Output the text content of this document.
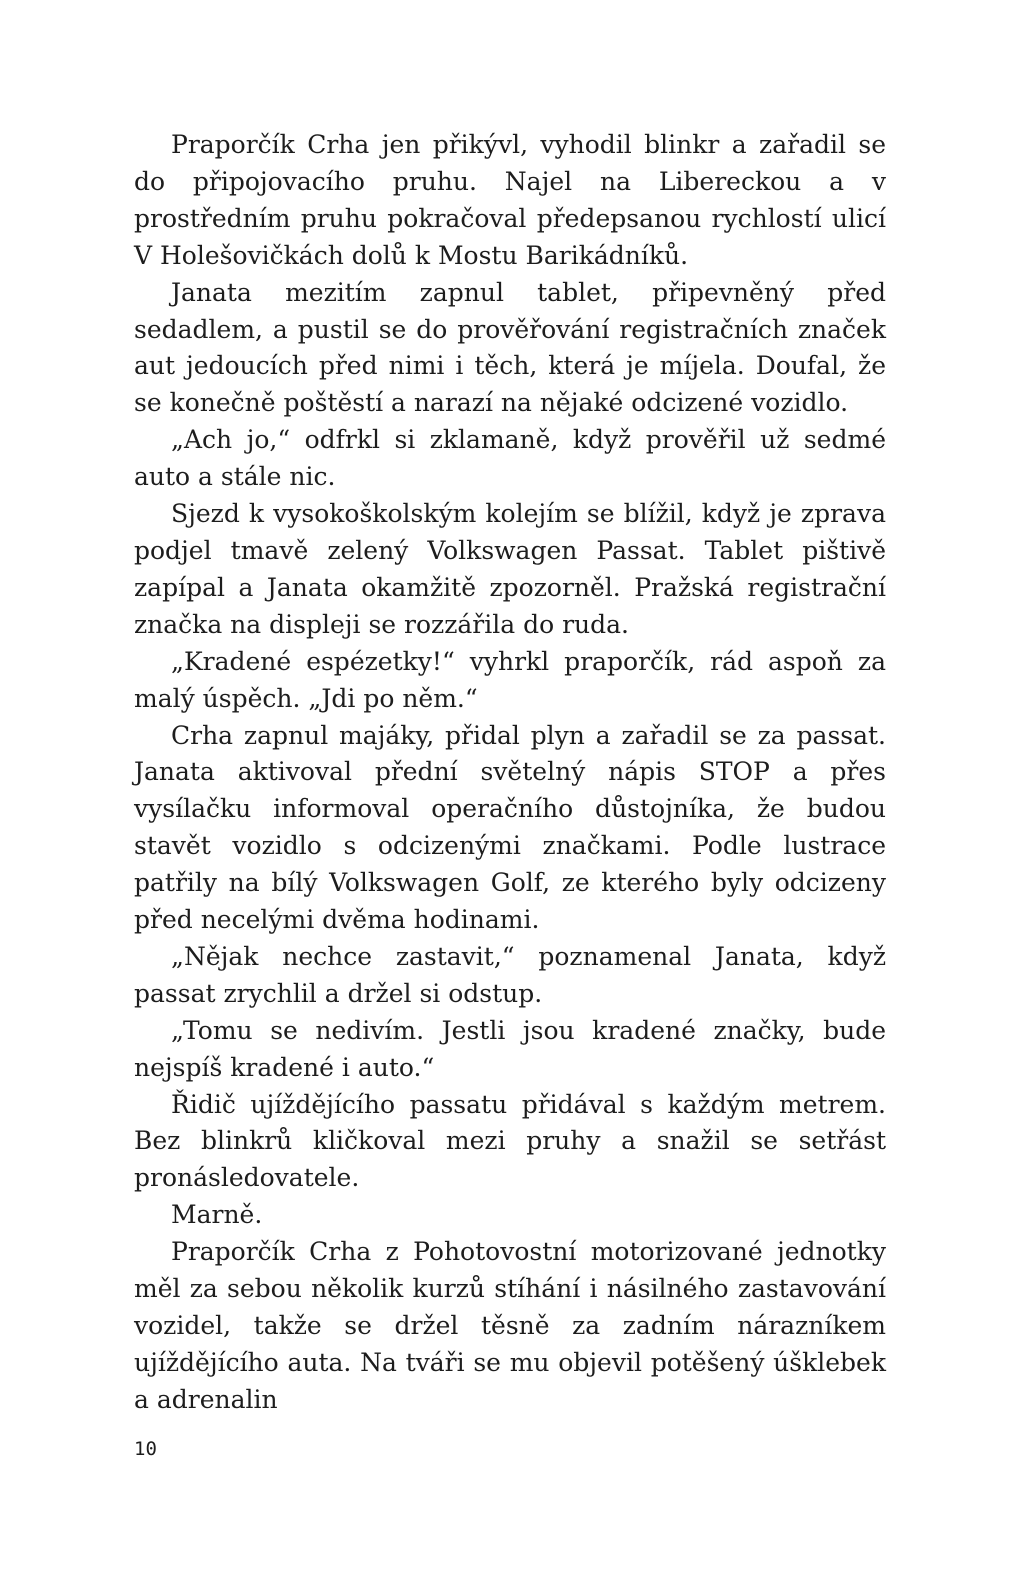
Praporčík Crha jen přikývl, vyhodil blinkr a zařadil se do připojovacího pruhu. Najel na Libereckou a v prostředním pruhu pokračoval předepsanou rychlostí ulicí V Holešovičkách dolů k Mostu Barikádníků.

Janata mezitím zapnul tablet, připevněný před sedadlem, a pustil se do prověřování registračních značek aut jedoucích před nimi i těch, která je míjela. Doufal, že se konečně poštěstí a narazí na nějaké odcizené vozidlo.

„Ach jo,“ odfrkl si zklamaně, když prověřil už sedmé auto a stále nic.

Sjezd k vysokoškolským kolejím se blížil, když je zprava podjel tmavě zelený Volkswagen Passat. Tablet pištivě zapípal a Janata okamžitě zpozorněl. Pražská registrační značka na displeji se rozzářila do ruda.

„Kradené espézetky!“ vyhrkl praporčík, rád aspoň za malý úspěch. „Jdi po něm.“

Crha zapnul majáky, přidal plyn a zařadil se za passat. Janata aktivoval přední světelný nápis STOP a přes vysílačku informoval operačního důstojníka, že budou stavět vozidlo s odcizenými značkami. Podle lustrace patřily na bílý Volkswagen Golf, ze kterého byly odcizeny před necelými dvěma hodinami.

„Nějak nechce zastavit,“ poznamenal Janata, když passat zrychlil a držel si odstup.

„Tomu se nedivím. Jestli jsou kradené značky, bude nejspíš kradené i auto.“

Řidič ujíždějícího passatu přidával s každým metrem. Bez blinkrů kličkoval mezi pruhy a snažil se setřást pronásledovatele.

Marně.

Praporčík Crha z Pohotovostní motorizované jednotky měl za sebou několik kurzů stíhání i násilného zastavování vozidel, takže se držel těsně za zadním nárazníkem ujíždějícího auta. Na tváři se mu objevil potěšený úšklebek a adrenalin

10
